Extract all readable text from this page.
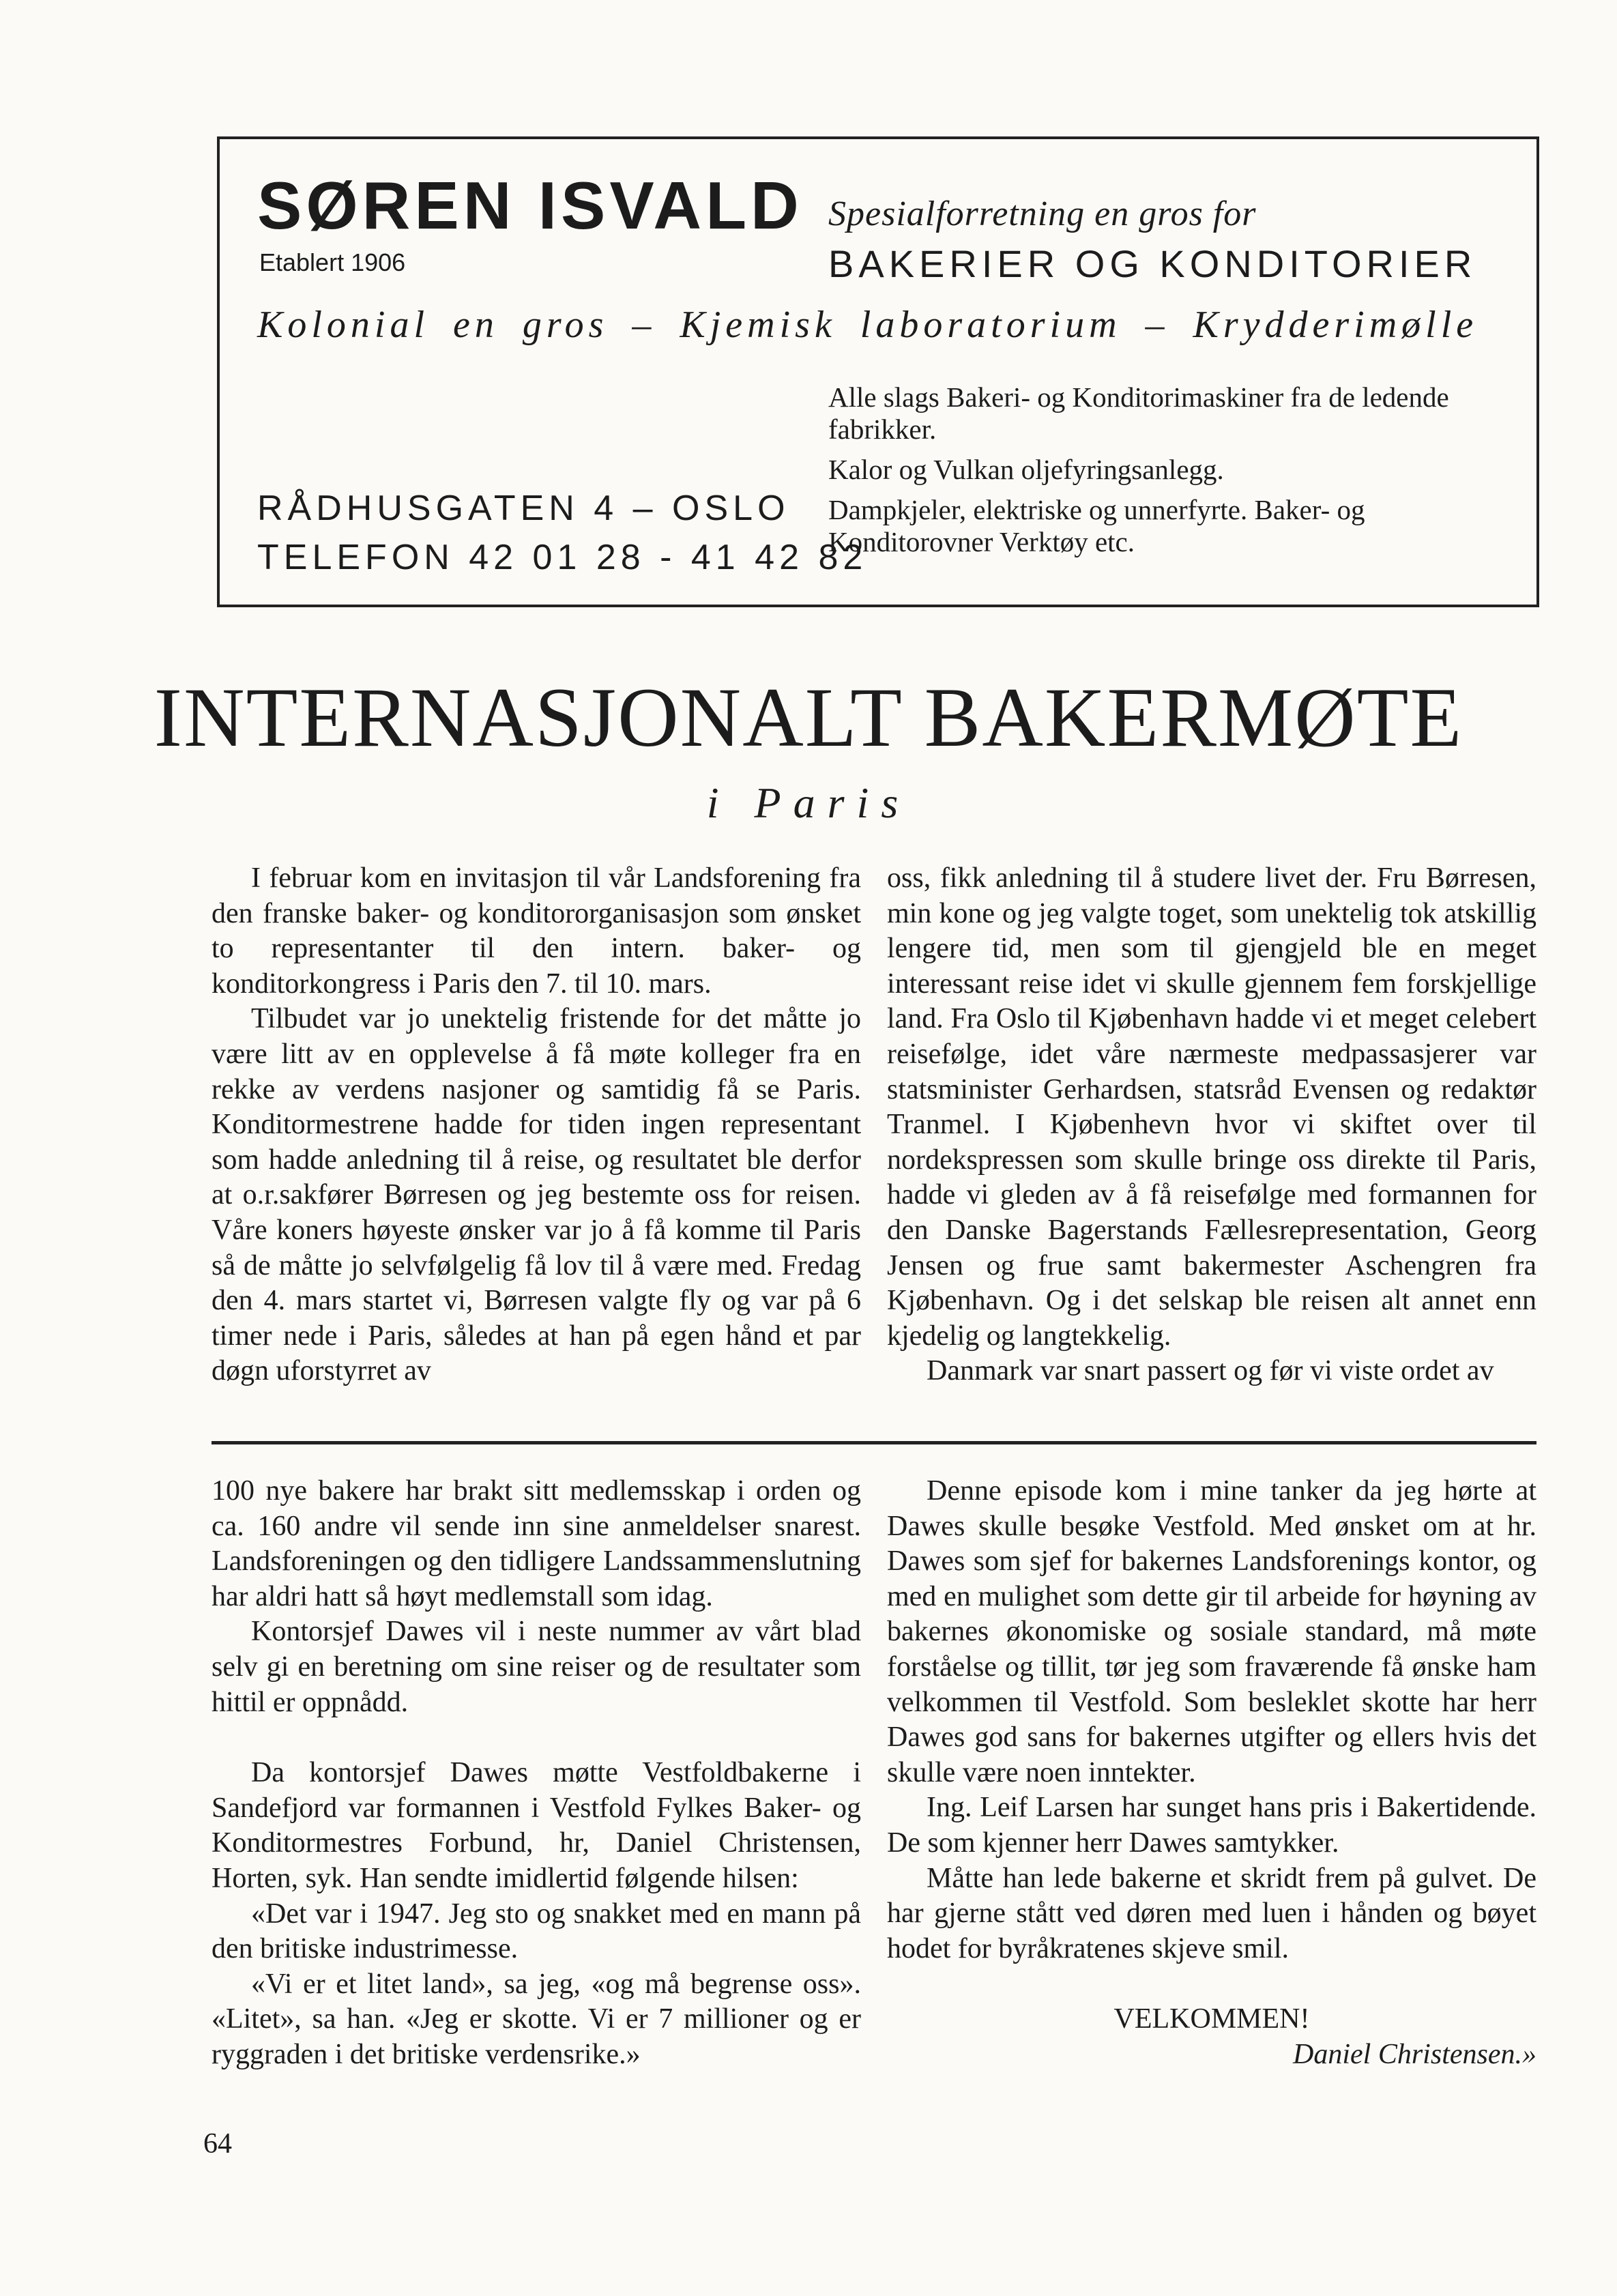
SØREN ISVALD
Etablert 1906
Spesialforretning en gros for
BAKERIER OG KONDITORIER
Kolonial en gros – Kjemisk laboratorium – Krydderimølle
RÅDHUSGATEN 4 – OSLO
TELEFON 42 01 28 - 41 42 82

Alle slags Bakeri- og Konditorimaskiner fra de ledende fabrikker.

Kalor og Vulkan oljefyringsanlegg.

Dampkjeler, elektriske og unnerfyrte. Baker- og Konditorovner Verktøy etc.

INTERNASJONALT BAKERMØTE
i Paris

I februar kom en invitasjon til vår Landsforening fra den franske baker- og konditororganisasjon som ønsket to representanter til den intern. baker- og konditorkongress i Paris den 7. til 10. mars.

Tilbudet var jo unektelig fristende for det måtte jo være litt av en opplevelse å få møte kolleger fra en rekke av verdens nasjoner og samtidig få se Paris. Konditormestrene hadde for tiden ingen representant som hadde anledning til å reise, og resultatet ble derfor at o.r.sakfører Børresen og jeg bestemte oss for reisen. Våre koners høyeste ønsker var jo å få komme til Paris så de måtte jo selvfølgelig få lov til å være med. Fredag den 4. mars startet vi, Børresen valgte fly og var på 6 timer nede i Paris, således at han på egen hånd et par døgn uforstyrret av

oss, fikk anledning til å studere livet der. Fru Børresen, min kone og jeg valgte toget, som unektelig tok atskillig lengere tid, men som til gjengjeld ble en meget interessant reise idet vi skulle gjennem fem forskjellige land. Fra Oslo til Kjøbenhavn hadde vi et meget celebert reisefølge, idet våre nærmeste medpassasjerer var statsminister Gerhardsen, statsråd Evensen og redaktør Tranmel. I Kjøbenhevn hvor vi skiftet over til nordekspressen som skulle bringe oss direkte til Paris, hadde vi gleden av å få reisefølge med formannen for den Danske Bagerstands Fællesrepresentation, Georg Jensen og frue samt bakermester Aschengren fra Kjøbenhavn. Og i det selskap ble reisen alt annet enn kjedelig og langtekkelig.

Danmark var snart passert og før vi viste ordet av

100 nye bakere har brakt sitt medlemsskap i orden og ca. 160 andre vil sende inn sine anmeldelser snarest. Landsforeningen og den tidligere Landssammenslutning har aldri hatt så høyt medlemstall som idag.

Kontorsjef Dawes vil i neste nummer av vårt blad selv gi en beretning om sine reiser og de resultater som hittil er oppnådd.

Da kontorsjef Dawes møtte Vestfoldbakerne i Sandefjord var formannen i Vestfold Fylkes Baker- og Konditormestres Forbund, hr, Daniel Christensen, Horten, syk. Han sendte imidlertid følgende hilsen:

«Det var i 1947. Jeg sto og snakket med en mann på den britiske industrimesse.

«Vi er et litet land», sa jeg, «og må begrense oss». «Litet», sa han. «Jeg er skotte. Vi er 7 millioner og er ryggraden i det britiske verdensrike.»

Denne episode kom i mine tanker da jeg hørte at Dawes skulle besøke Vestfold. Med ønsket om at hr. Dawes som sjef for bakernes Landsforenings kontor, og med en mulighet som dette gir til arbeide for høyning av bakernes økonomiske og sosiale standard, må møte forståelse og tillit, tør jeg som fraværende få ønske ham velkommen til Vestfold. Som besleklet skotte har herr Dawes god sans for bakernes utgifter og ellers hvis det skulle være noen inntekter.

Ing. Leif Larsen har sunget hans pris i Bakertidende. De som kjenner herr Dawes samtykker.

Måtte han lede bakerne et skridt frem på gulvet. De har gjerne stått ved døren med luen i hånden og bøyet hodet for byråkratenes skjeve smil.

VELKOMMEN!

Daniel Christensen.»

64
